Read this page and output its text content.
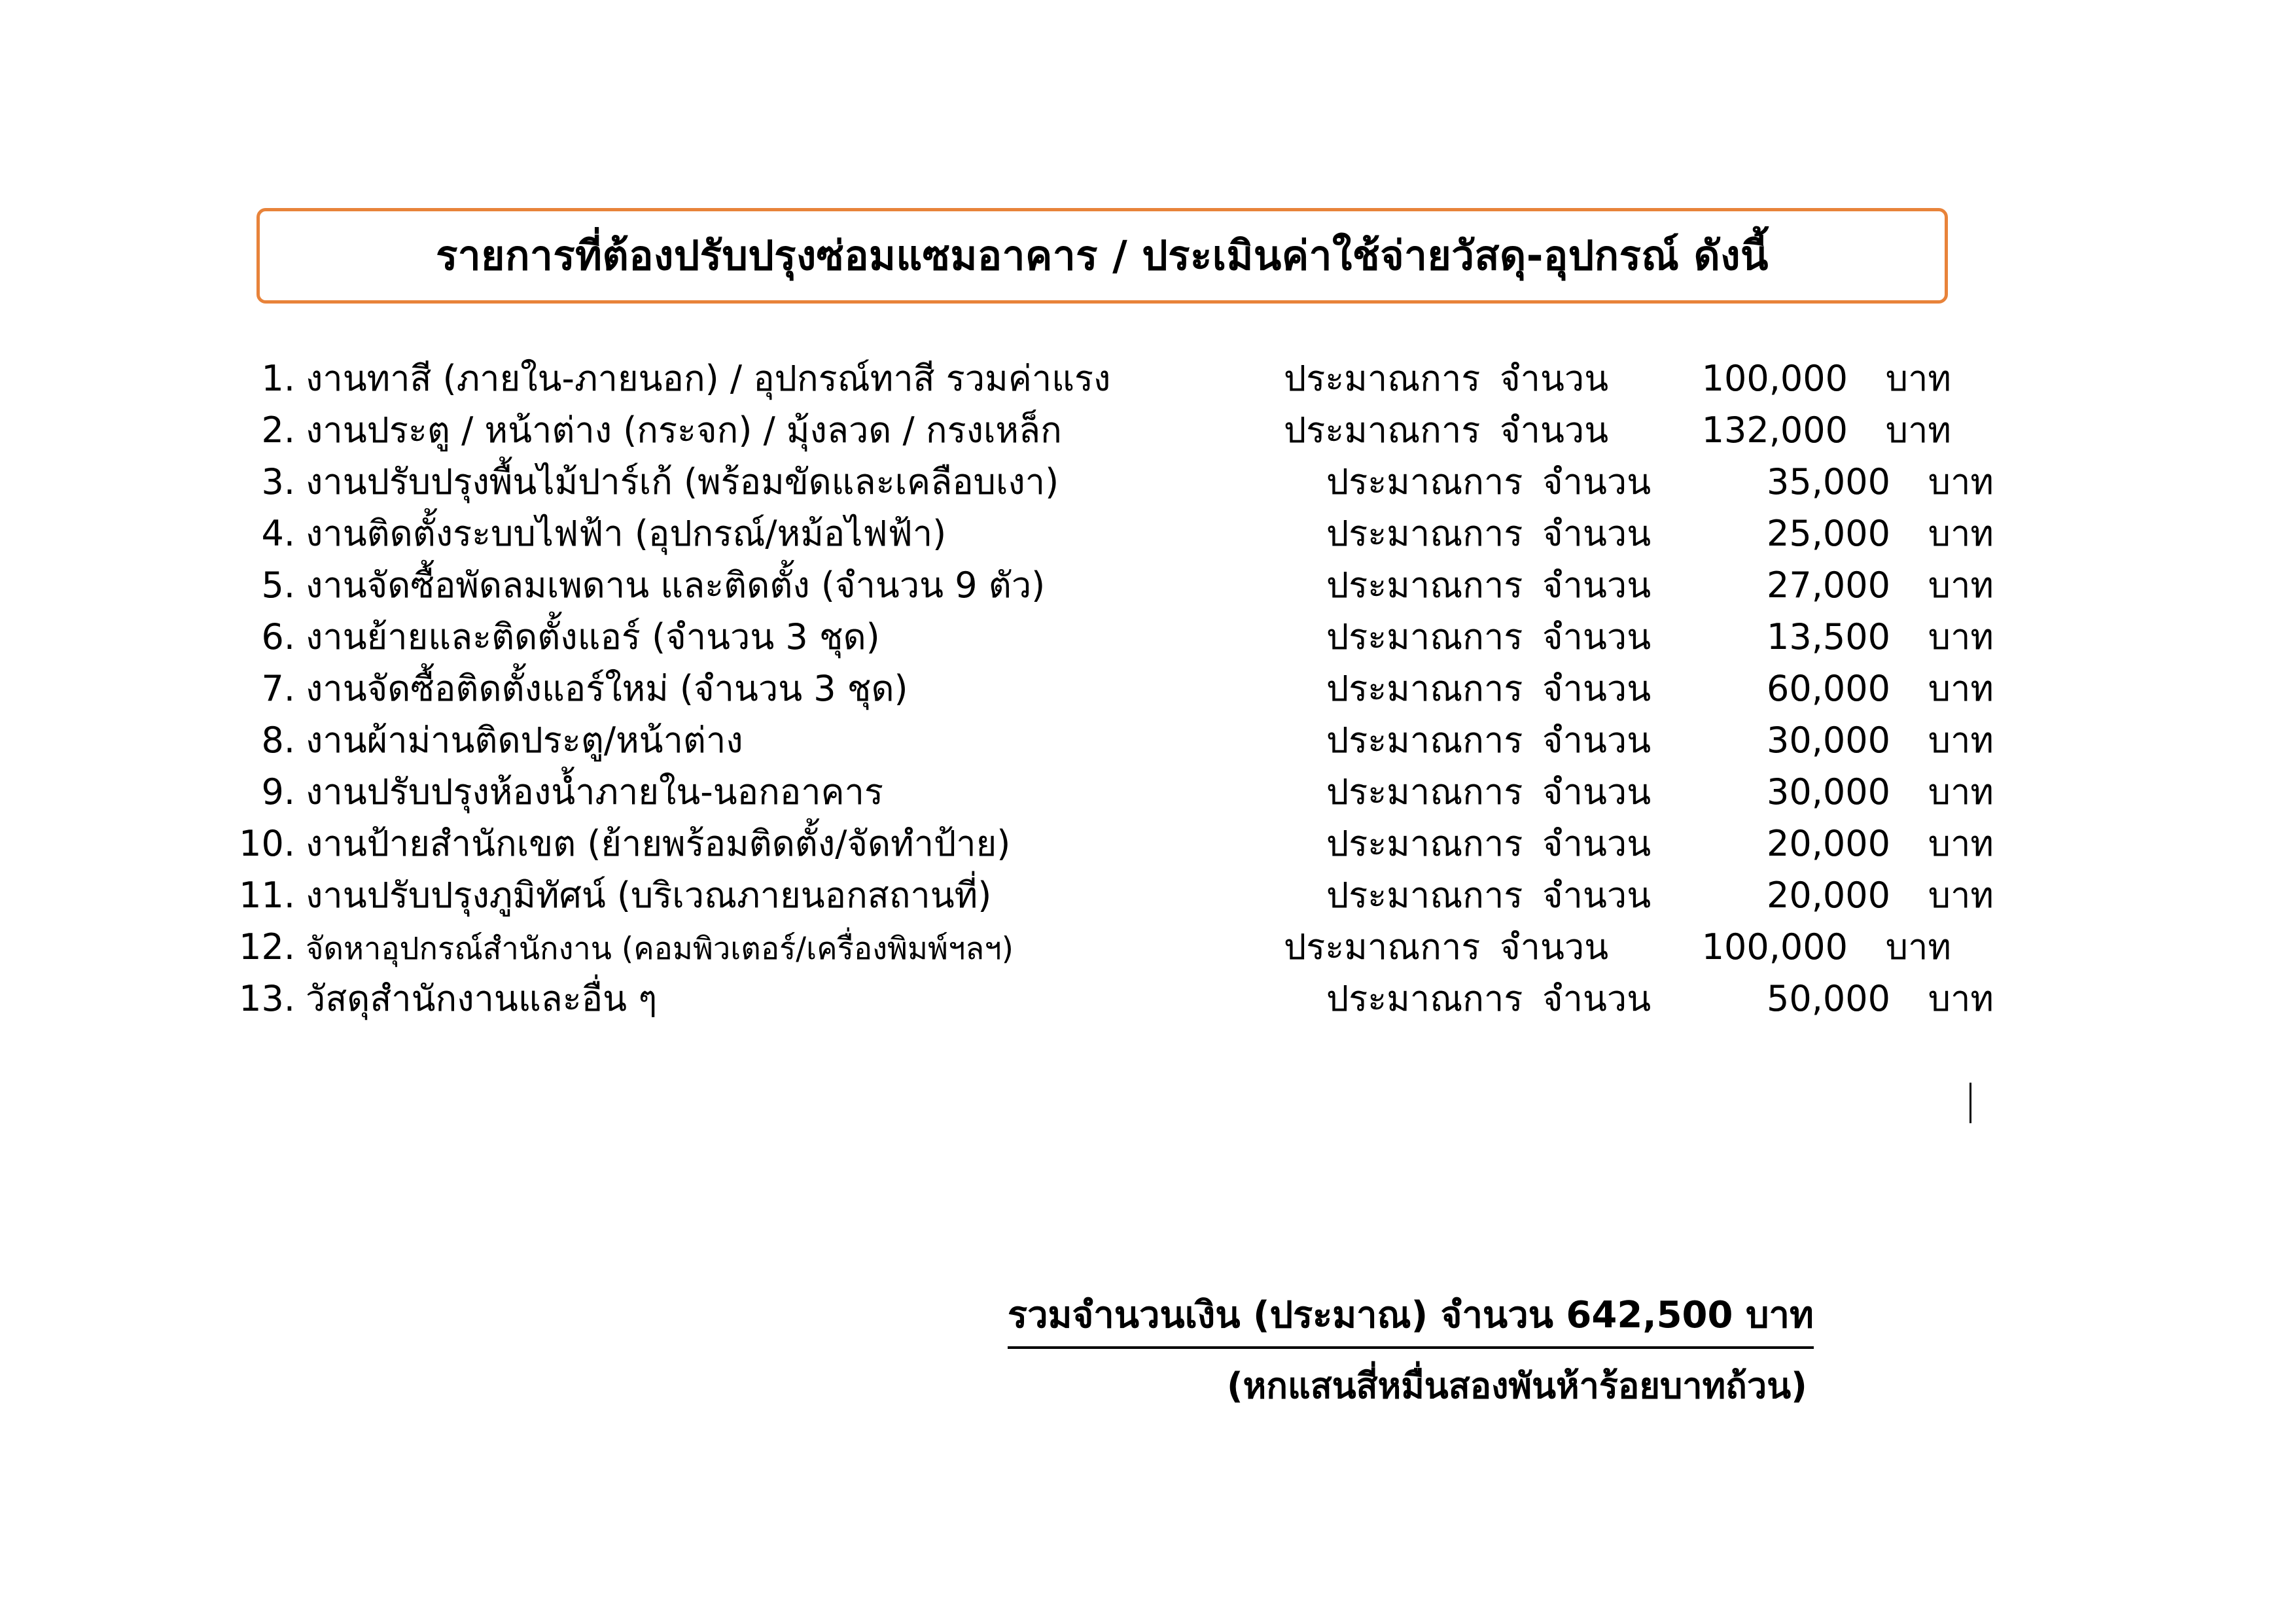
รายการที่ต้องปรับปรุงซ่อมแซมอาคาร / ประเมินค่าใช้จ่ายวัสดุ-อุปกรณ์ ดังนี้
1. งานทาสี (ภายใน-ภายนอก) / อุปกรณ์ทาสี รวมค่าแรง	ประมาณการ จำนวน	100,000	บาท
2. งานประตู / หน้าต่าง (กระจก) / มุ้งลวด / กรงเหล็ก	ประมาณการ จำนวน	132,000	บาท
3. งานปรับปรุงพื้นไม้ปาร์เก้ (พร้อมขัดและเคลือบเงา)	ประมาณการ จำนวน	35,000	บาท
4. งานติดตั้งระบบไฟฟ้า (อุปกรณ์/หม้อไฟฟ้า)	ประมาณการ จำนวน	25,000	บาท
5. งานจัดซื้อพัดลมเพดาน และติดตั้ง (จำนวน 9 ตัว)	ประมาณการ จำนวน	27,000	บาท
6. งานย้ายและติดตั้งแอร์ (จำนวน 3 ชุด)	ประมาณการ จำนวน	13,500	บาท
7. งานจัดซื้อติดตั้งแอร์ใหม่ (จำนวน 3 ชุด)	ประมาณการ จำนวน	60,000	บาท
8. งานผ้าม่านติดประตู/หน้าต่าง	ประมาณการ จำนวน	30,000	บาท
9. งานปรับปรุงห้องน้ำภายใน-นอกอาคาร	ประมาณการ จำนวน	30,000	บาท
10. งานป้ายสำนักเขต (ย้ายพร้อมติดตั้ง/จัดทำป้าย)	ประมาณการ จำนวน	20,000	บาท
11. งานปรับปรุงภูมิทัศน์ (บริเวณภายนอกสถานที่)	ประมาณการ จำนวน	20,000	บาท
12. จัดหาอุปกรณ์สำนักงาน (คอมพิวเตอร์/เครื่องพิมพ์ฯลฯ)	ประมาณการ จำนวน	100,000	บาท
13. วัสดุสำนักงานและอื่น ๆ	ประมาณการ จำนวน	50,000	บาท
รวมจำนวนเงิน (ประมาณ) จำนวน 642,500 บาท
(หกแสนสี่หมื่นสองพันห้าร้อยบาทถ้วน)
